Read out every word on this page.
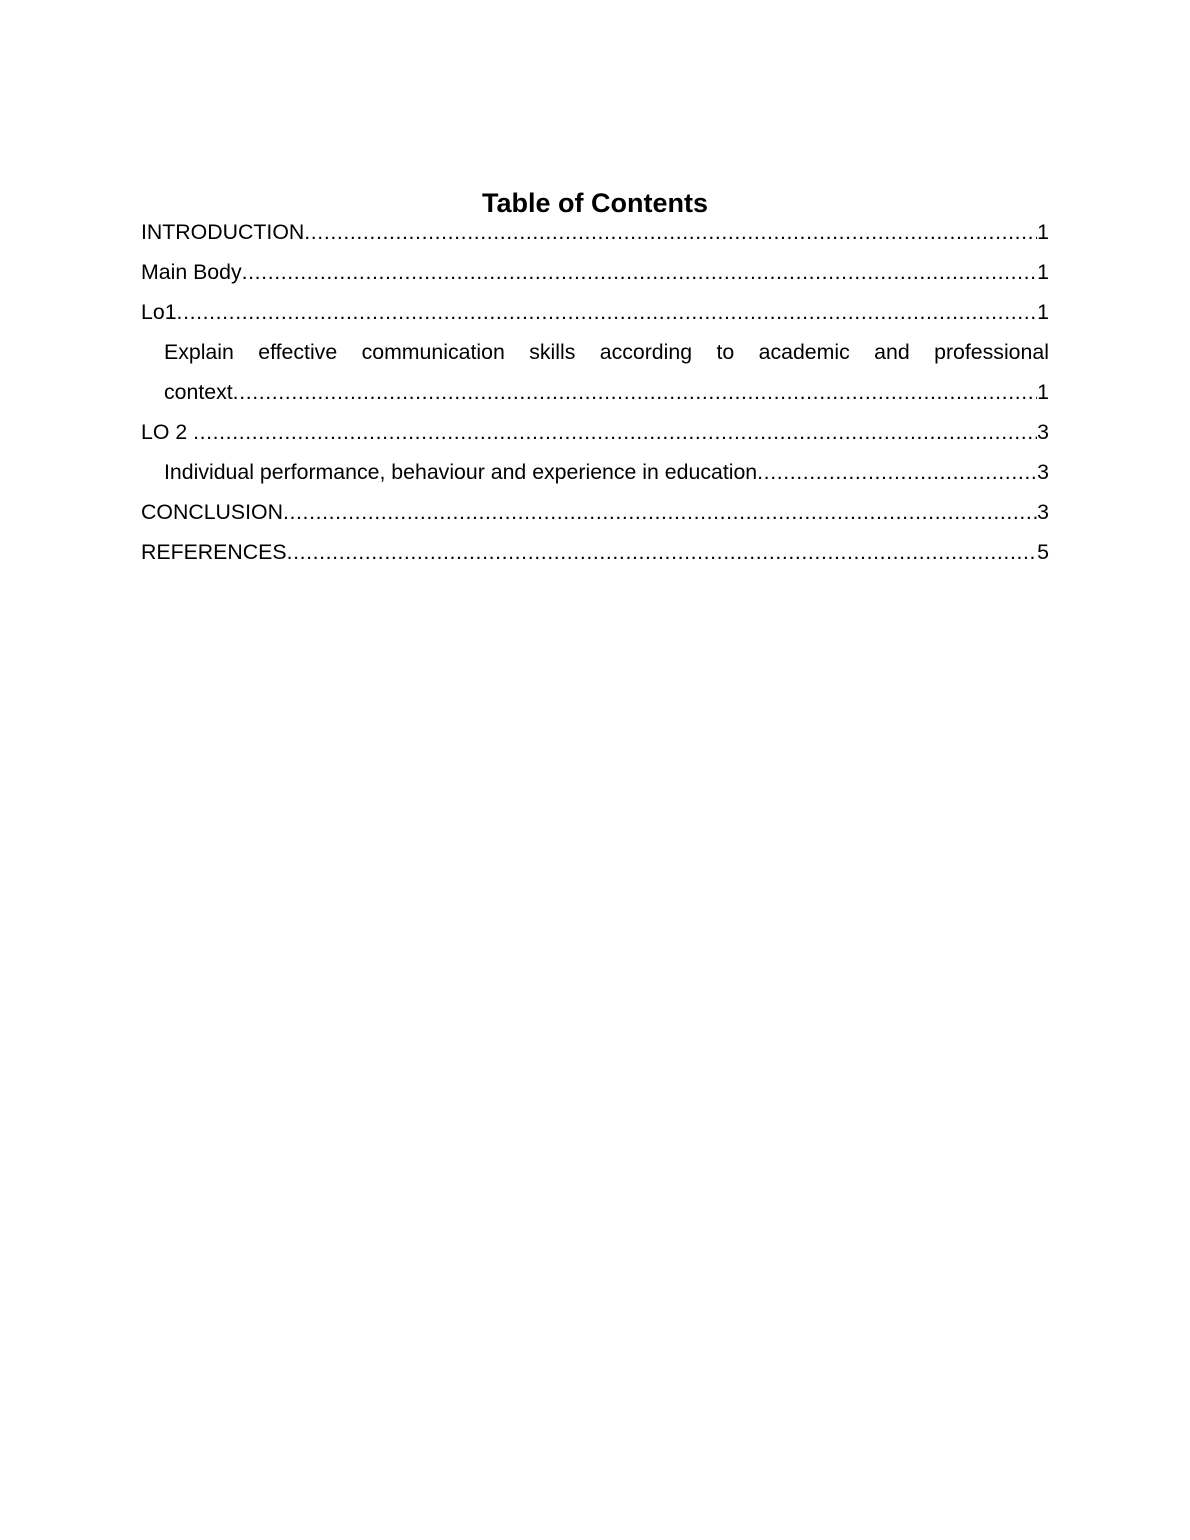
Table of Contents
INTRODUCTION .....	1
Main Body .....	1
Lo1 .....	1
Explain effective communication skills according to academic and professional
context .....	1
LO 2 .....	3
Individual performance, behaviour and experience in education .....	3
CONCLUSION .....	3
REFERENCES .....	5
